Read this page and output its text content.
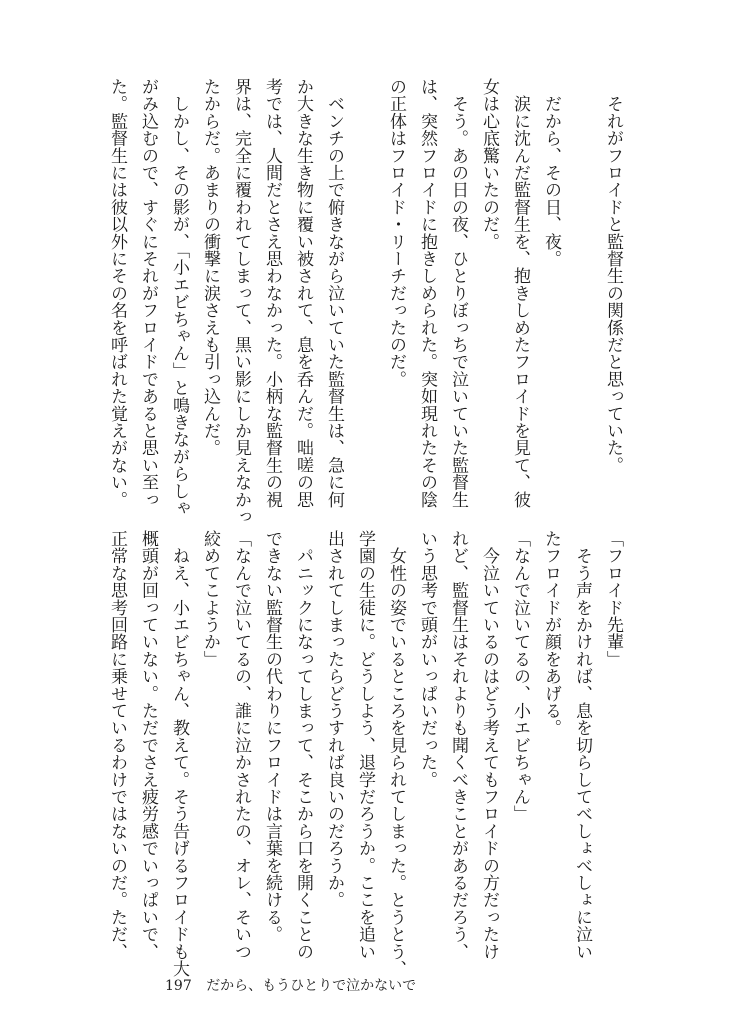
　それがフロイドと監督生の関係だと思っていた。

　だから、その日、夜。
　涙に沈んだ監督生を、抱きしめたフロイドを見て、彼
女は心底驚いたのだ。
　そう。あの日の夜、ひとりぼっちで泣いていた監督生
は、突然フロイドに抱きしめられた。突如現れたその陰
の正体はフロイド・リーチだったのだ。

　ベンチの上で俯きながら泣いていた監督生は、急に何
か大きな生き物に覆い被されて、息を呑んだ。咄嗟の思
考では、人間だとさえ思わなかった。小柄な監督生の視
界は、完全に覆われてしまって、黒い影にしか見えなかっ
たからだ。あまりの衝撃に涙さえも引っ込んだ。
　しかし、その影が、「小エビちゃん」と鳴きながらしゃ
がみ込むので、すぐにそれがフロイドであると思い至っ
た。監督生には彼以外にその名を呼ばれた覚えがない。
「フロイド先輩」
　そう声をかければ、息を切らしてべしょべしょに泣い
たフロイドが顔をあげる。
「なんで泣いてるの、小エビちゃん」
　今泣いているのはどう考えてもフロイドの方だったけ
れど、監督生はそれよりも聞くべきことがあるだろう、
いう思考で頭がいっぱいだった。
　女性の姿でいるところを見られてしまった。とうとう、
学園の生徒に。どうしよう、退学だろうか。ここを追い
出されてしまったらどうすれば良いのだろうか。
　パニックになってしまって、そこから口を開くことの
できない監督生の代わりにフロイドは言葉を続ける。
「なんで泣いてるの、誰に泣かされたの、オレ、そいつ
絞めてこようか」
　ねえ、小エビちゃん、教えて。そう告げるフロイドも大
概頭が回っていない。ただでさえ疲労感でいっぱいで、
正常な思考回路に乗せているわけではないのだ。ただ、
197 だから、もうひとりで泣かないで
